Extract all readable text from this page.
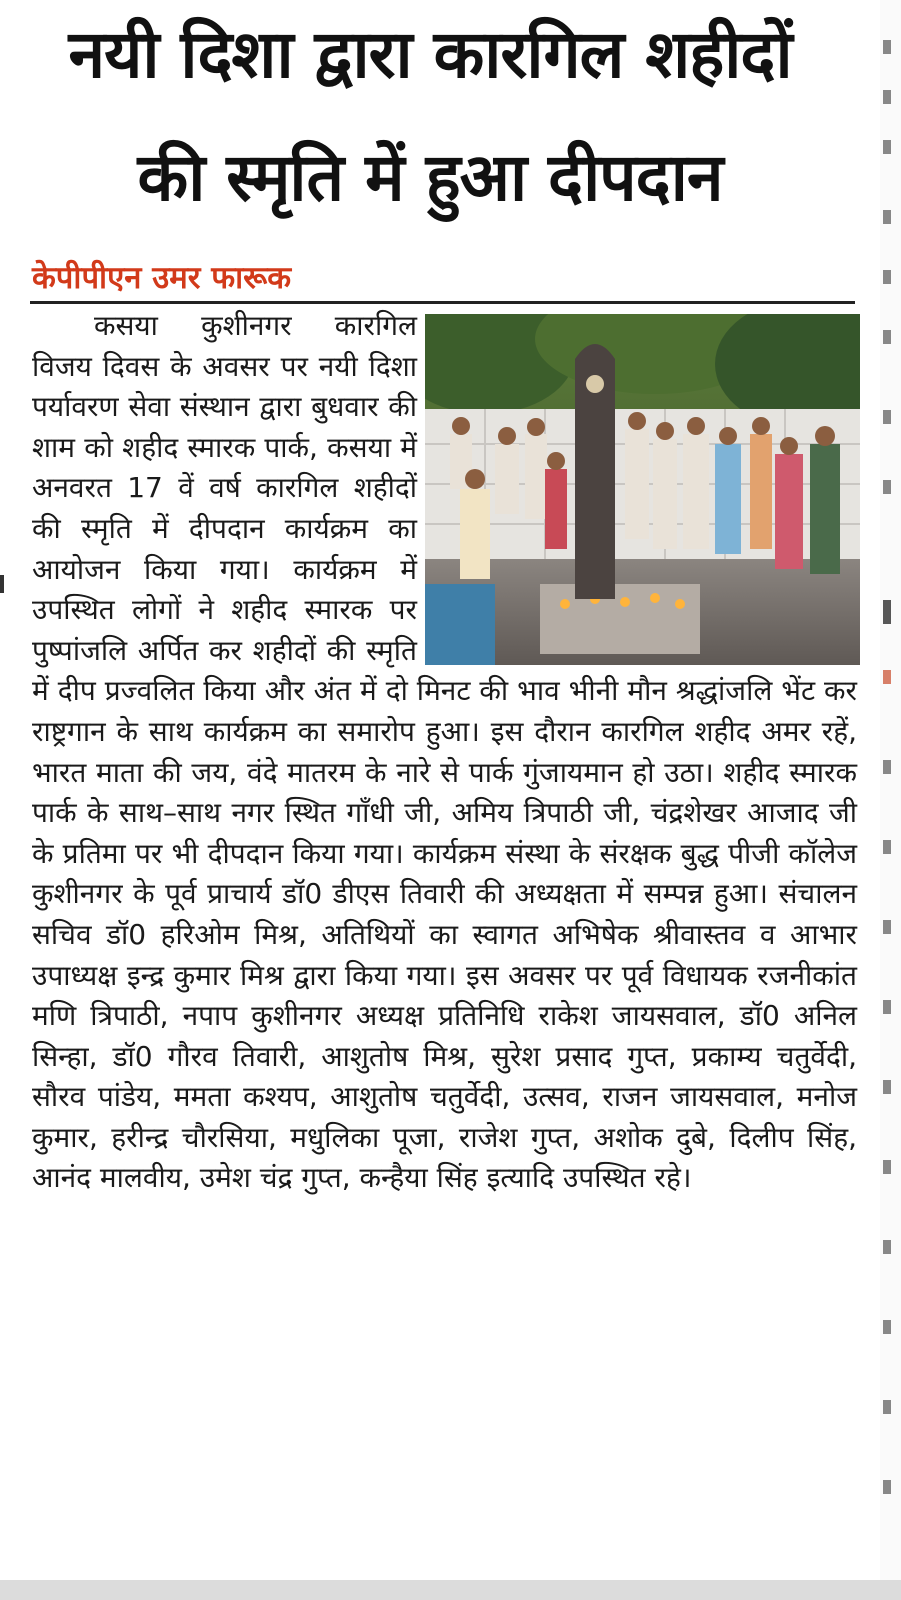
नयी दिशा द्वारा कारगिल शहीदों
की स्मृति में हुआ दीपदान
केपीपीएन उमर फारूक
कसया कुशीनगर कारगिल विजय दिवस के अवसर पर नयी दिशा पर्यावरण सेवा संस्थान द्वारा बुधवार की शाम को शहीद स्मारक पार्क, कसया में अनवरत 17 वें वर्ष कारगिल शहीदों की स्मृति में दीपदान कार्यक्रम का आयोजन किया गया। कार्यक्रम में उपस्थित लोगों ने शहीद स्मारक पर पुष्पांजलि अर्पित कर शहीदों की स्मृति में दीप प्रज्वलित किया और अंत में दो मिनट की भाव भीनी मौन श्रद्धांजलि भेंट कर राष्ट्रगान के साथ कार्यक्रम का समारोप हुआ। इस दौरान कारगिल शहीद अमर रहें, भारत माता की जय, वंदे मातरम के नारे से पार्क गुंजायमान हो उठा। शहीद स्मारक पार्क के साथ–साथ नगर स्थित गाँधी जी, अमिय त्रिपाठी जी, चंद्रशेखर आजाद जी के प्रतिमा पर भी दीपदान किया गया। कार्यक्रम संस्था के संरक्षक बुद्ध पीजी कॉलेज कुशीनगर के पूर्व प्राचार्य डॉ0 डीएस तिवारी की अध्यक्षता में सम्पन्न हुआ। संचालन सचिव डॉ0 हरिओम मिश्र, अतिथियों का स्वागत अभिषेक श्रीवास्तव व आभार उपाध्यक्ष इन्द्र कुमार मिश्र द्वारा किया गया। इस अवसर पर पूर्व विधायक रजनीकांत मणि त्रिपाठी, नपाप कुशीनगर अध्यक्ष प्रतिनिधि राकेश जायसवाल, डॉ0 अनिल सिन्हा, डॉ0 गौरव तिवारी, आशुतोष मिश्र, सुरेश प्रसाद गुप्त, प्रकाम्य चतुर्वेदी, सौरव पांडेय, ममता कश्यप, आशुतोष चतुर्वेदी, उत्सव, राजन जायसवाल, मनोज कुमार, हरीन्द्र चौरसिया, मधुलिका पूजा, राजेश गुप्त, अशोक दुबे, दिलीप सिंह, आनंद मालवीय, उमेश चंद्र गुप्त, कन्हैया सिंह इत्यादि उपस्थित रहे।
